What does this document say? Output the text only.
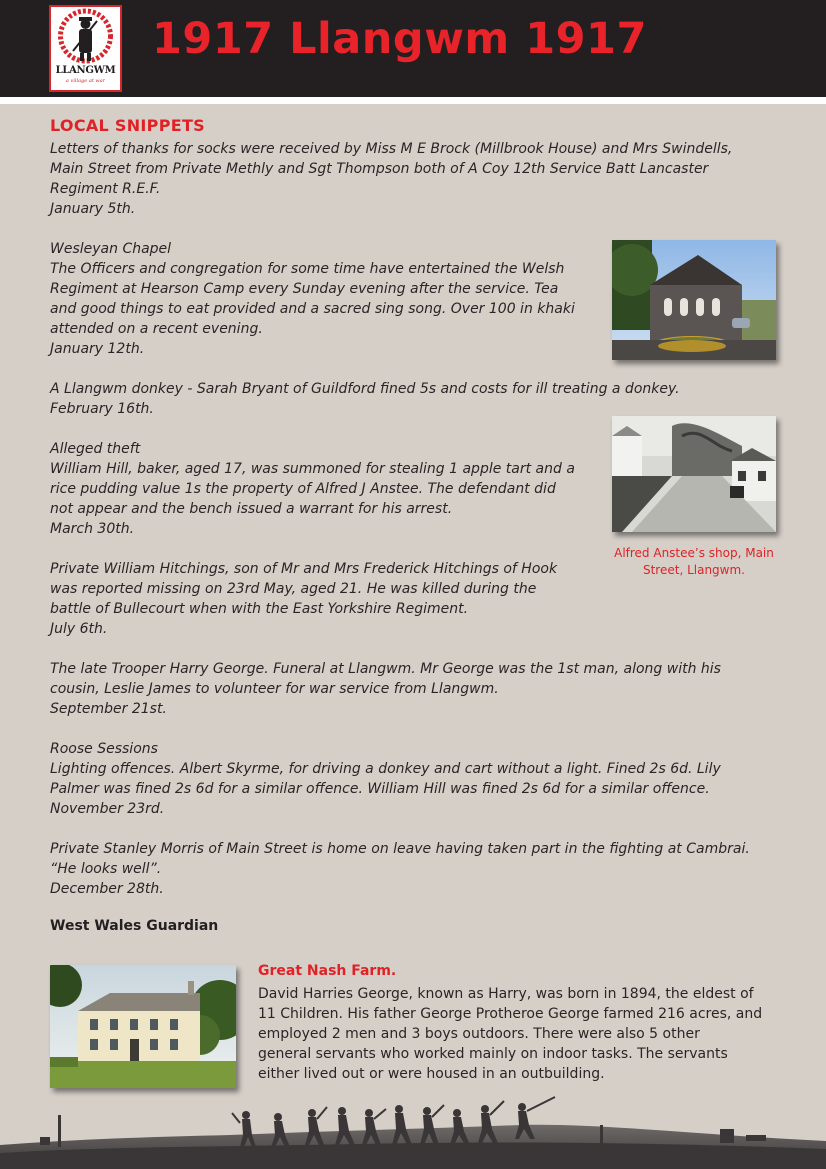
LLANGWM
a village at war
1917 Llangwm 1917
LOCAL SNIPPETS
Letters of thanks for socks were received by Miss M E Brock (Millbrook House) and Mrs Swindells,
Main Street from Private Methly and Sgt Thompson both of A Coy 12th Service Batt Lancaster
Regiment R.E.F.
January 5th.
Wesleyan Chapel
The Officers and congregation for some time have entertained the Welsh
Regiment at Hearson Camp every Sunday evening after the service. Tea
and good things to eat provided and a sacred sing song. Over 100 in khaki
attended on a recent evening.
January 12th.
A Llangwm donkey - Sarah Bryant of Guildford fined 5s and costs for ill treating a donkey.
February 16th.
Alleged theft
William Hill, baker, aged 17, was summoned for stealing 1 apple tart and a
rice pudding value 1s the property of Alfred J Anstee. The defendant did
not appear and the bench issued a warrant for his arrest.
March 30th.
Private William Hitchings, son of Mr and Mrs Frederick Hitchings of Hook
was reported missing on 23rd May, aged 21. He was killed during the
battle of Bullecourt when with the East Yorkshire Regiment.
July 6th.
The late Trooper Harry George. Funeral at Llangwm. Mr George was the 1st man, along with his
cousin, Leslie James to volunteer for war service from Llangwm.
September 21st.
Roose Sessions
Lighting offences. Albert Skyrme, for driving a donkey and cart without a light. Fined 2s 6d. Lily
Palmer was fined 2s 6d for a similar offence. William Hill was fined 2s 6d for a similar offence.
November 23rd.
Private Stanley Morris of Main Street is home on leave having taken part in the fighting at Cambrai.
“He looks well”.
December 28th.
Alfred Anstee’s shop, Main
Street, Llangwm.
West Wales Guardian
Great Nash Farm.
David Harries George, known as Harry, was born in 1894, the eldest of
11 Children. His father George Protheroe George farmed 216 acres, and
employed 2 men and 3 boys outdoors. There were also 5 other
general servants who worked mainly on indoor tasks. The servants
either lived out or were housed in an outbuilding.
